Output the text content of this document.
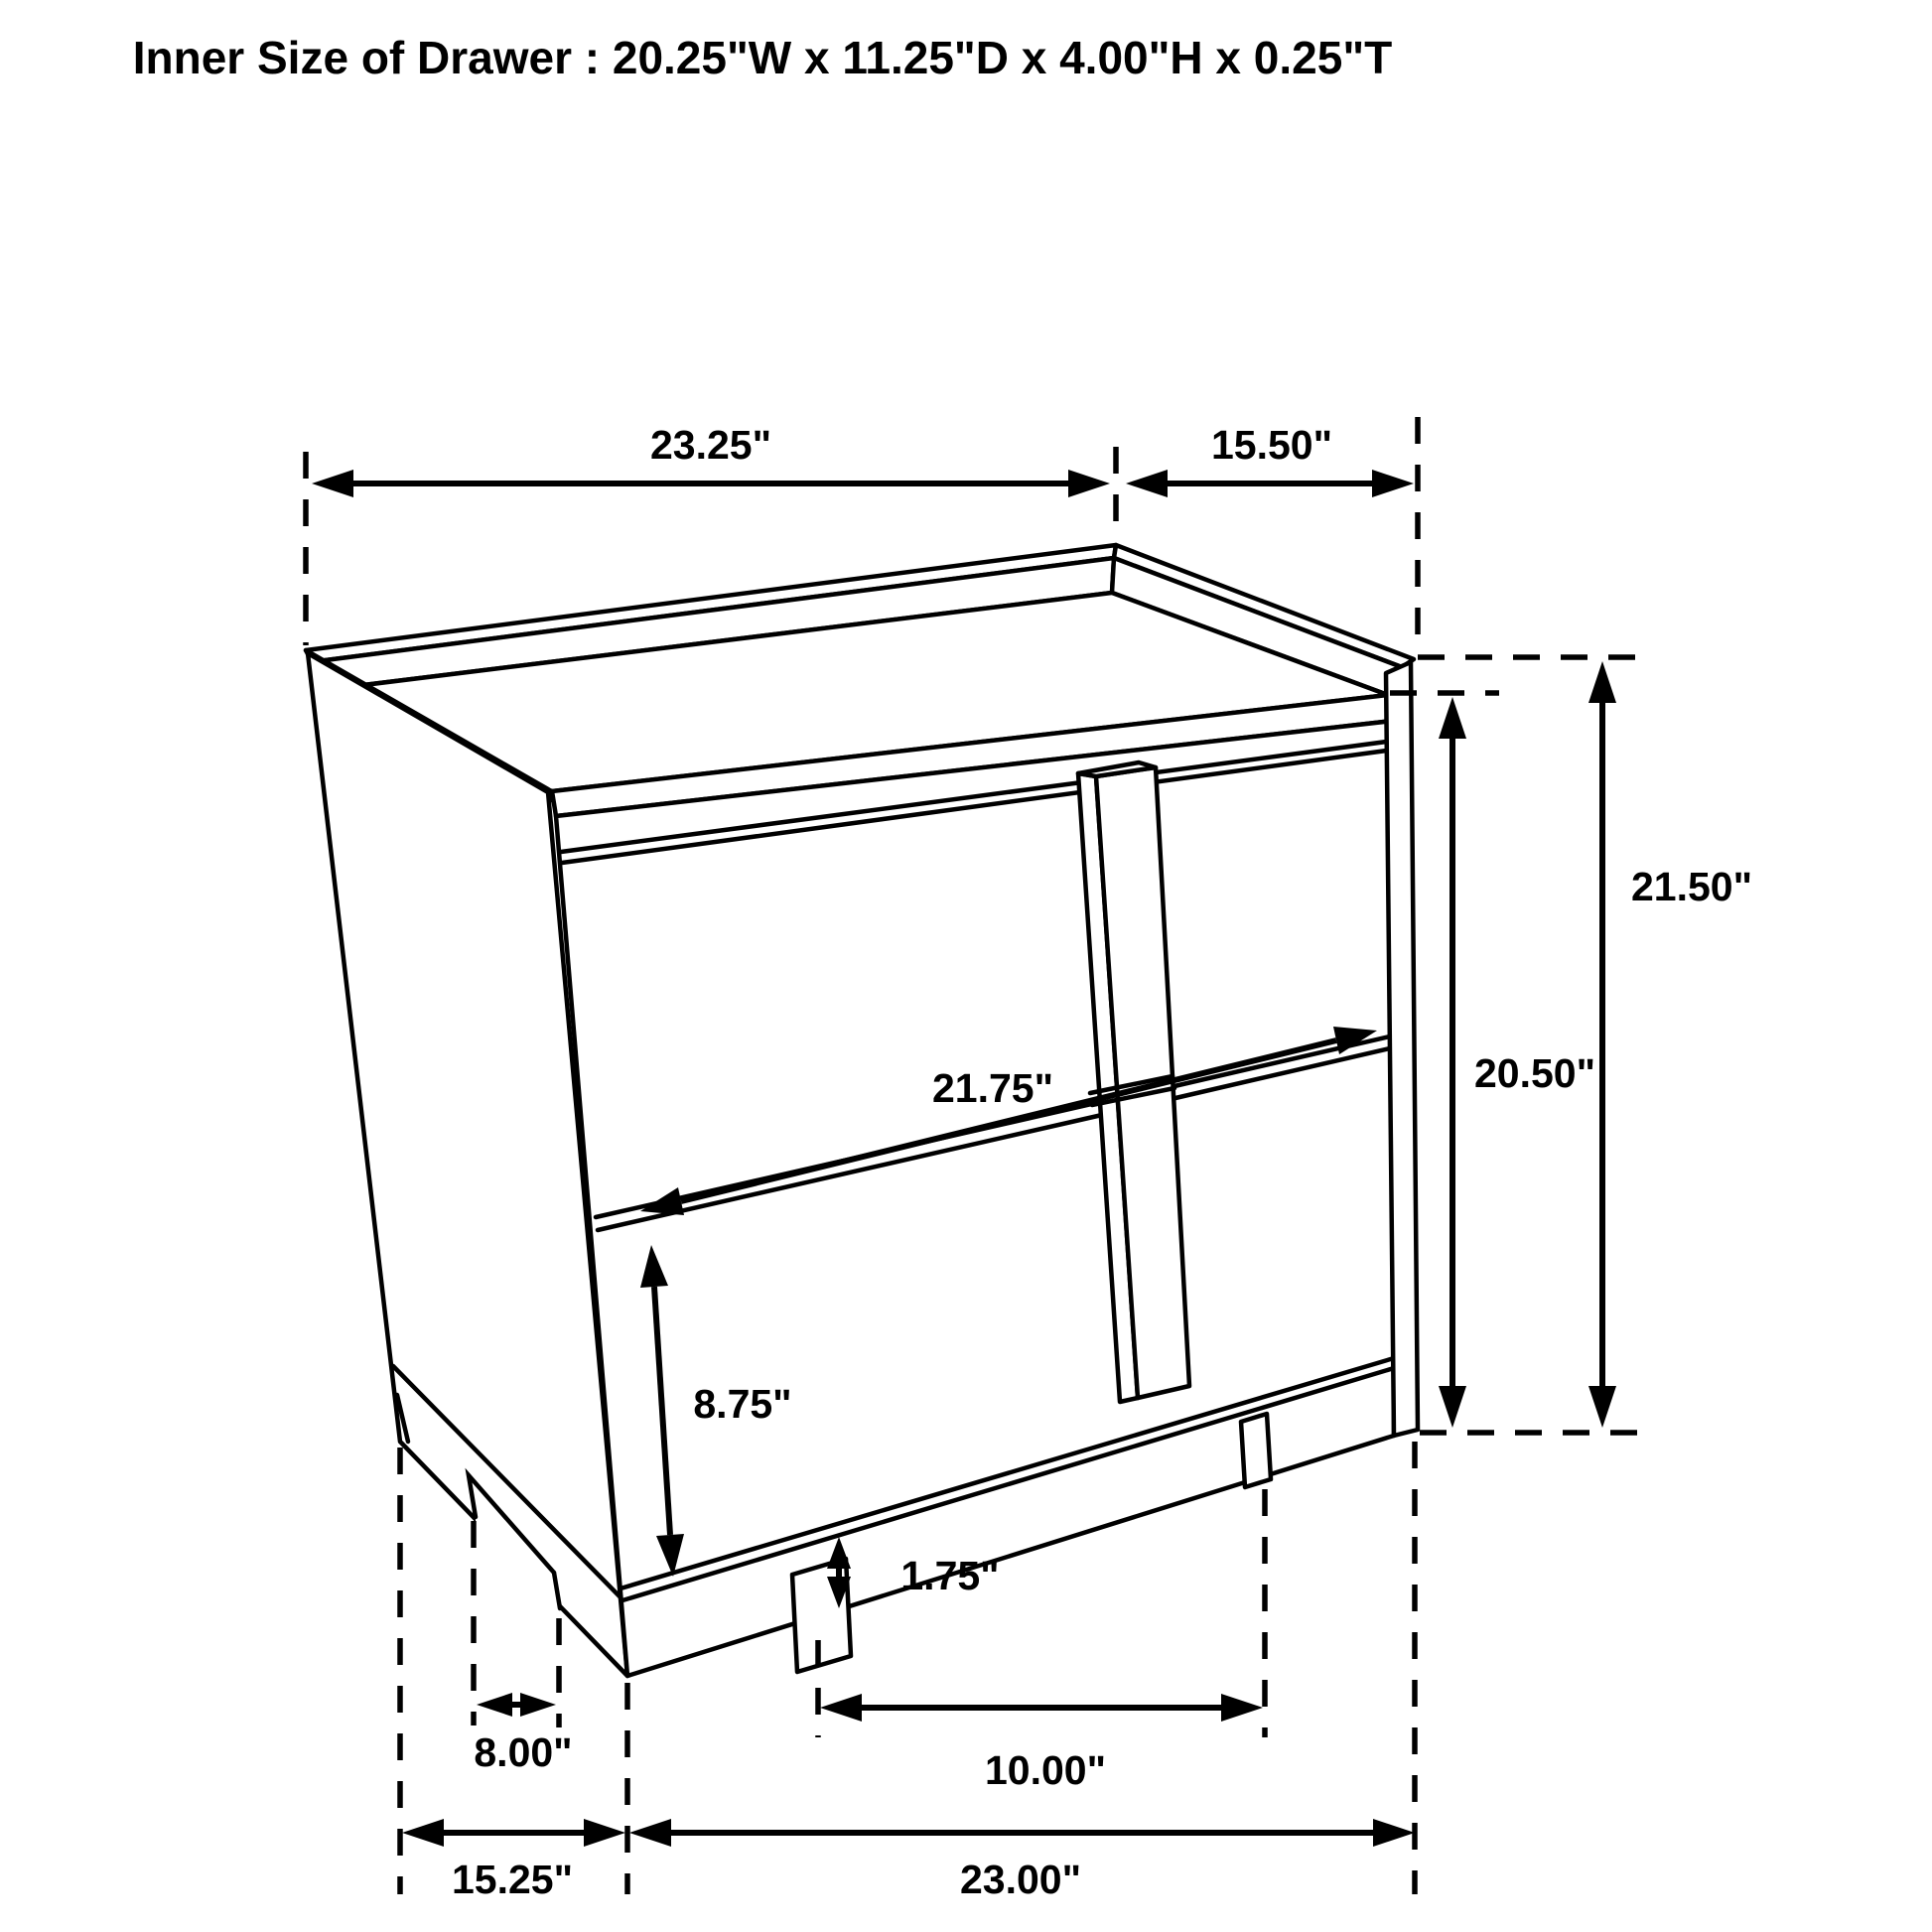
Inner Size of Drawer : 20.25"W x 11.25"D x 4.00"H x 0.25"T
23.25"	15.50"
21.50"
20.50"
21.75"
8.75"
1.75"
10.00"
8.00"
15.25"	23.00"
